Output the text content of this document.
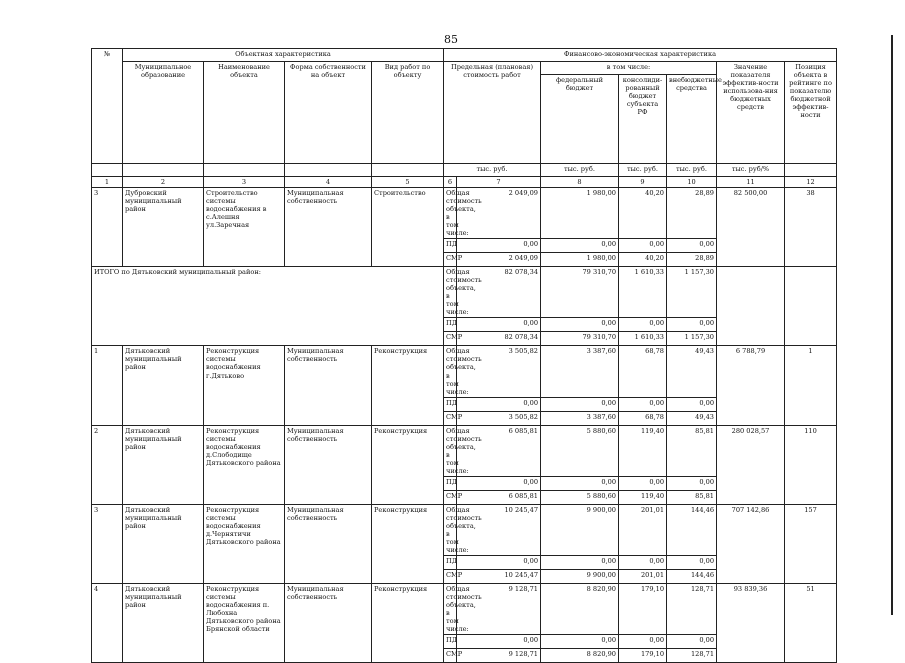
85
№	Объектная характеристика				Финансово-экономическая характеристика						
	Муниципальное образование	Наименование объекта	Форма собственности на объект	Вид работ по объекту	Предельная (плановая) стоимость работ		в том числе:			Значение показателя эффектив-ности использова-ния бюджетных средств	Позиция объекта в рейтинге по показателю бюджетной эффектив-ности
							федеральный бюджет	консолиди-рованный бюджет субъекта РФ	внебюджетные средства		
					тыс. руб.		тыс. руб.	тыс. руб.	тыс. руб.	тыс. руб/%	
1	2	3	4	5	6	7	8	9	10	11	12
3	Дубровский муниципальный район	Строительство системы водоснабжения в с.Алешня ул.Заречная	Муниципальная собственность	Строительство	Общая стоимость объекта, в том числе:	2 049,09	1 980,00	40,20	28,89	82 500,00	38
					ПД	0,00	0,00	0,00	0,00		
					СМР	2 049,09	1 980,00	40,20	28,89		
ИТОГО по Дятьковский муниципальный район:					Общая стоимость объекта, в том числе:	82 078,34	79 310,70	1 610,33	1 157,30		
					ПД	0,00	0,00	0,00	0,00		
					СМР	82 078,34	79 310,70	1 610,33	1 157,30		
1	Дятьковский муниципальный район	Реконструкция системы водоснабжения г.Дятьково	Муниципальная собственность	Реконструкция	Общая стоимость объекта, в том числе:	3 505,82	3 387,60	68,78	49,43	6 788,79	1
					ПД	0,00	0,00	0,00	0,00		
					СМР	3 505,82	3 387,60	68,78	49,43		
2	Дятьковский муниципальный район	Реконструкция системы водоснабжения д.Слободище Дятьковского района	Муниципальная собственность	Реконструкция	Общая стоимость объекта, в том числе:	6 085,81	5 880,60	119,40	85,81	280 028,57	110
					ПД	0,00	0,00	0,00	0,00		
					СМР	6 085,81	5 880,60	119,40	85,81		
3	Дятьковский муниципальный район	Реконструкция системы водоснабжения д.Чернятичи Дятьковского района	Муниципальная собственность	Реконструкция	Общая стоимость объекта, в том числе:	10 245,47	9 900,00	201,01	144,46	707 142,86	157
					ПД	0,00	0,00	0,00	0,00		
					СМР	10 245,47	9 900,00	201,01	144,46		
4	Дятьковский муниципальный район	Реконструкция системы водоснабжения п. Любохна Дятьковского района Брянской области	Муниципальная собственность	Реконструкция	Общая стоимость объекта, в том числе:	9 128,71	8 820,90	179,10	128,71	93 839,36	51
					ПД	0,00	0,00	0,00	0,00		
					СМР	9 128,71	8 820,90	179,10	128,71		
